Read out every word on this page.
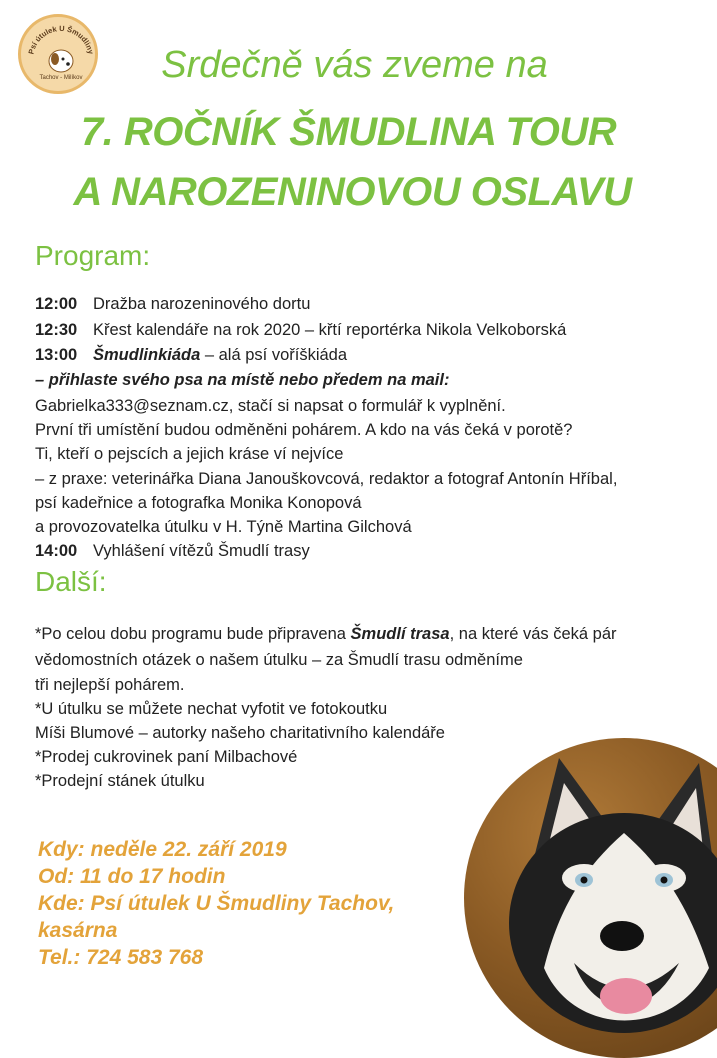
Psí útulek U Šmudliny
Tachov - Milíkov	Srdečně vás zveme na
7. ROČNÍK ŠMUDLINA TOUR
A NAROZENINOVOU OSLAVU
Program:
12:00 Dražba narozeninového dortu
12:30 Křest kalendáře na rok 2020 – křtí reportérka Nikola Velkoborská
13:00 Šmudlinkiáda – alá psí voříškiáda
– přihlaste svého psa na místě nebo předem na mail:
Gabrielka333@seznam.cz, stačí si napsat o formulář k vyplnění.
První tři umístění budou odměněni pohárem. A kdo na vás čeká v porotě?
Ti, kteří o pejscích a jejich kráse ví nejvíce
– z praxe: veterinářka Diana Janouškovcová, redaktor a fotograf Antonín Hříbal,
psí kadeřnice a fotografka Monika Konopová
a provozovatelka útulku v H. Týně Martina Gilchová
14:00 Vyhlášení vítězů Šmudlí trasy
Další:
*Po celou dobu programu bude připravena Šmudlí trasa, na které vás čeká pár
vědomostních otázek o našem útulku – za Šmudlí trasu odměníme
tři nejlepší pohárem.
*U útulku se můžete nechat vyfotit ve fotokoutku
Míši Blumové – autorky našeho charitativního kalendáře
*Prodej cukrovinek paní Milbachové
*Prodejní stánek útulku
Kdy: neděle 22. září 2019
Od: 11 do 17 hodin
Kde: Psí útulek U Šmudliny Tachov,
kasárna
Tel.: 724 583 768
